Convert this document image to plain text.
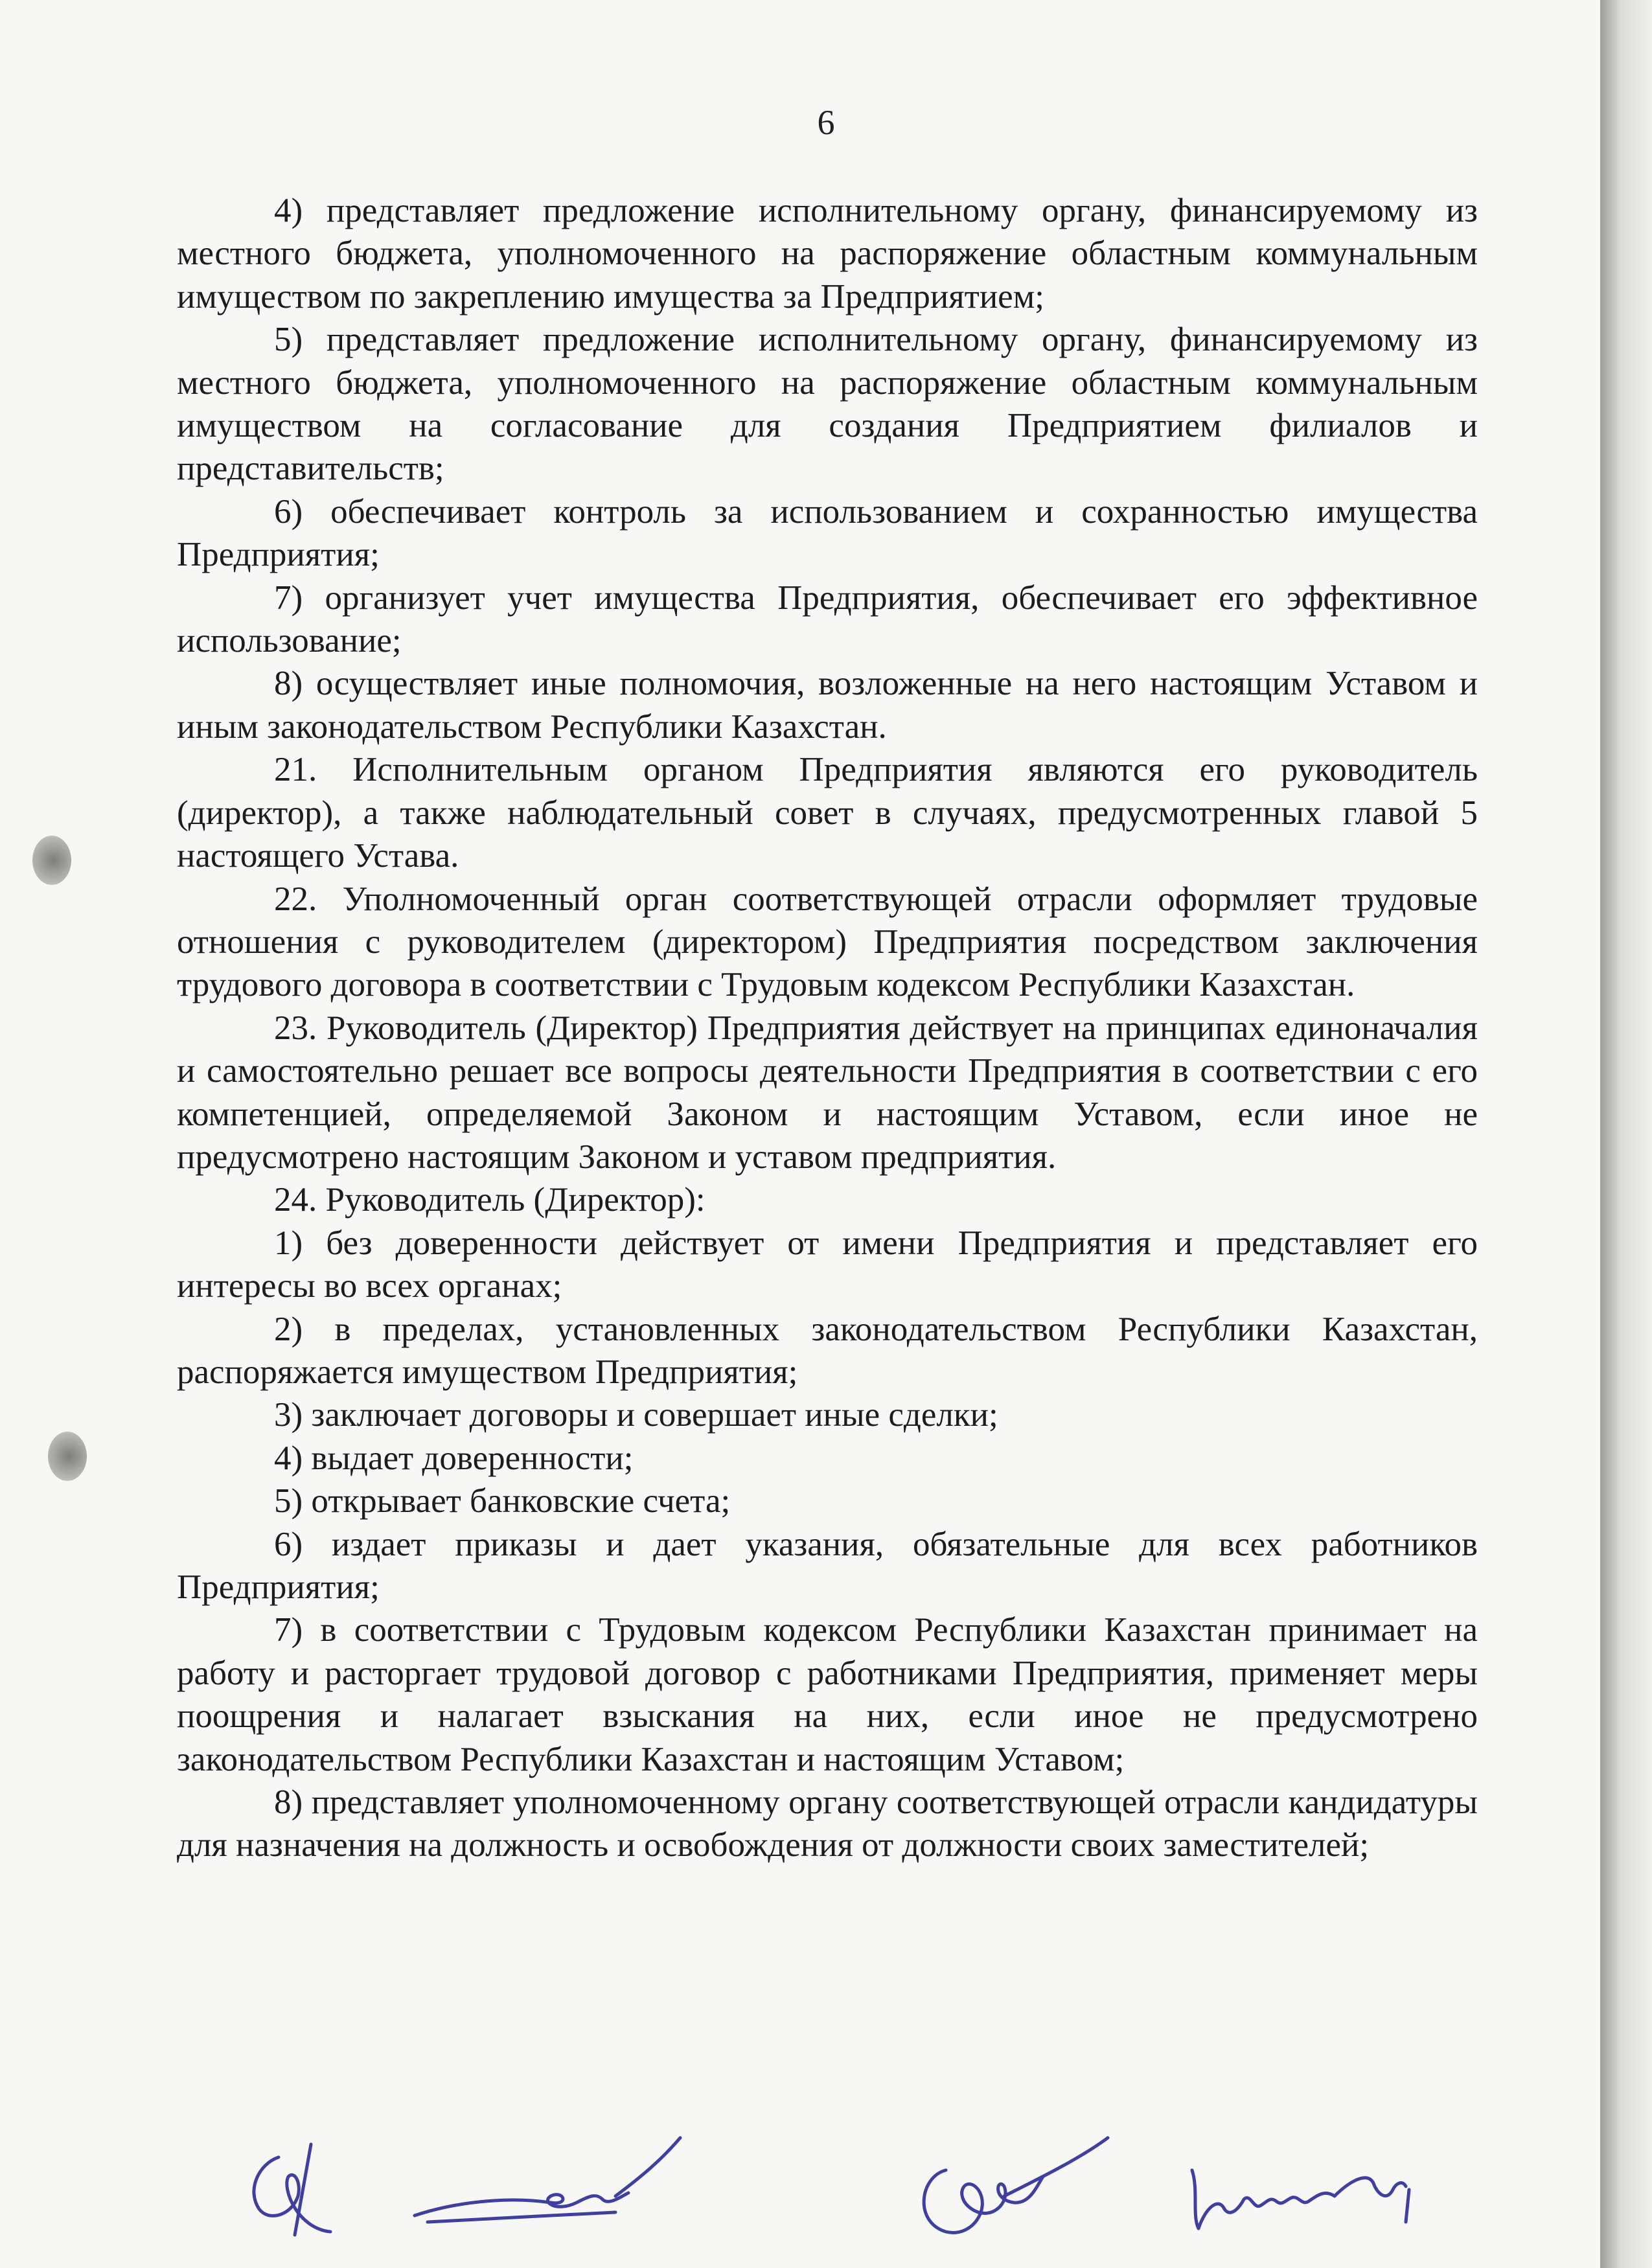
6

4) представляет предложение исполнительному органу, финансируемому из местного бюджета, уполномоченного на распоряжение областным коммунальным имуществом по закреплению имущества за Предприятием;

5) представляет предложение исполнительному органу, финансируемому из местного бюджета, уполномоченного на распоряжение областным коммунальным имуществом на согласование для создания Предприятием филиалов и представительств;

6) обеспечивает контроль за использованием и сохранностью имущества Предприятия;

7) организует учет имущества Предприятия, обеспечивает его эффективное использование;

8) осуществляет иные полномочия, возложенные на него настоящим Уставом и иным законодательством Республики Казахстан.

21. Исполнительным органом Предприятия являются его руководитель (директор), а также наблюдательный совет в случаях, предусмотренных главой 5 настоящего Устава.

22. Уполномоченный орган соответствующей отрасли оформляет трудовые отношения с руководителем (директором) Предприятия посредством заключения трудового договора в соответствии с Трудовым кодексом Республики Казахстан.

23. Руководитель (Директор) Предприятия действует на принципах единоначалия и самостоятельно решает все вопросы деятельности Предприятия в соответствии с его компетенцией, определяемой Законом и настоящим Уставом, если иное не предусмотрено настоящим Законом и уставом предприятия.

24. Руководитель (Директор):

1) без доверенности действует от имени Предприятия и представляет его интересы во всех органах;

2) в пределах, установленных законодательством Республики Казахстан, распоряжается имуществом Предприятия;

3) заключает договоры и совершает иные сделки;

4) выдает доверенности;

5) открывает банковские счета;

6) издает приказы и дает указания, обязательные для всех работников Предприятия;

7) в соответствии с Трудовым кодексом Республики Казахстан принимает на работу и расторгает трудовой договор с работниками Предприятия, применяет меры поощрения и налагает взыскания на них, если иное не предусмотрено законодательством Республики Казахстан и настоящим Уставом;

8) представляет уполномоченному органу соответствующей отрасли кандидатуры для назначения на должность и освобождения от должности своих заместителей;
